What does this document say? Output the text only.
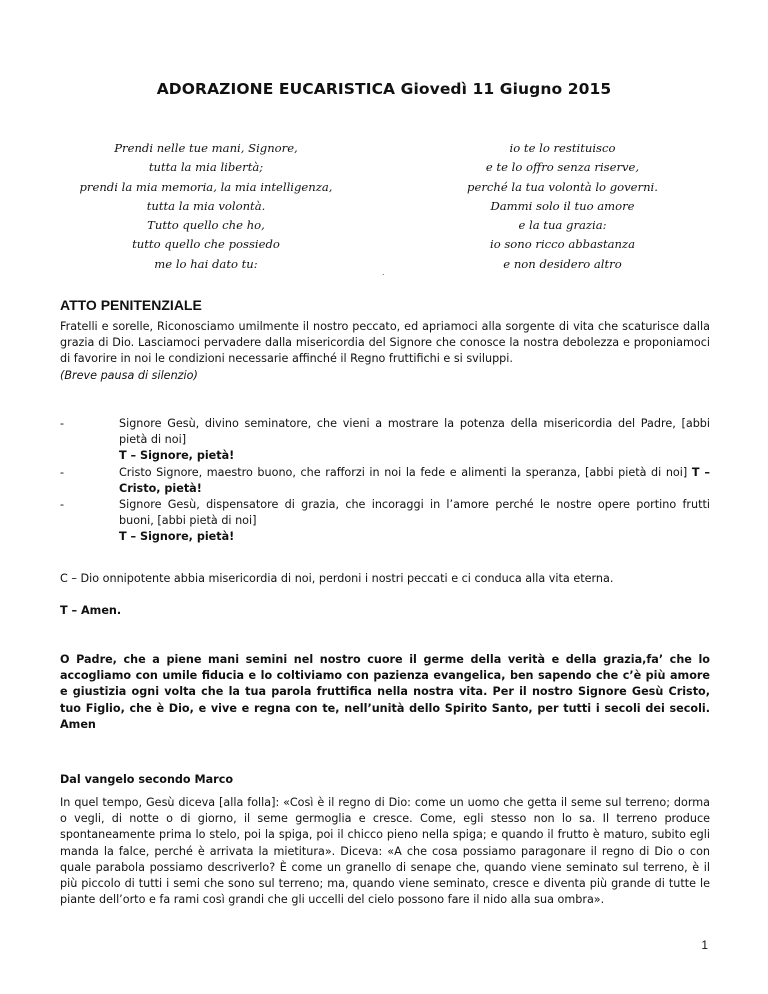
ADORAZIONE EUCARISTICA Giovedì 11 Giugno 2015
Prendi nelle tue mani, Signore,
tutta la mia libertà;
prendi la mia memoria, la mia intelligenza,
tutta la mia volontà.
Tutto quello che ho,
tutto quello che possiedo
me lo hai dato tu:
io te lo restituisco
e te lo offro senza riserve,
perché la tua volontà lo governi.
Dammi solo il tuo amore
e la tua grazia:
io sono ricco abbastanza
e non desidero altro
.
ATTO PENITENZIALE
Fratelli e sorelle, Riconosciamo umilmente il nostro peccato, ed apriamoci alla sorgente di vita che scaturisce dalla grazia di Dio. Lasciamoci pervadere dalla misericordia del Signore che conosce la nostra debolezza e proponiamoci di favorire in noi le condizioni necessarie affinché il Regno fruttifichi e si sviluppi.
(Breve pausa di silenzio)
-	Signore Gesù, divino seminatore, che vieni a mostrare la potenza della misericordia del Padre, [abbi pietà di noi]
T – Signore, pietà!
-	Cristo Signore, maestro buono, che rafforzi in noi la fede e alimenti la speranza, [abbi pietà di noi] T – Cristo, pietà!
-	Signore Gesù, dispensatore di grazia, che incoraggi in l’amore perché le nostre opere portino frutti buoni, [abbi pietà di noi]
T – Signore, pietà!
C – Dio onnipotente abbia misericordia di noi, perdoni i nostri peccati e ci conduca alla vita eterna.
T – Amen.

O Padre, che a piene mani semini nel nostro cuore il germe della verità e della grazia,fa’ che lo accogliamo con umile fiducia e lo coltiviamo con pazienza evangelica, ben sapendo che c’è più amore e giustizia ogni volta che la tua parola fruttifica nella nostra vita. Per il nostro Signore Gesù Cristo, tuo Figlio, che è Dio, e vive e regna con te, nell’unità dello Spirito Santo, per tutti i secoli dei secoli. Amen

Dal vangelo secondo Marco

In quel tempo, Gesù diceva [alla folla]: «Così è il regno di Dio: come un uomo che getta il seme sul terreno; dorma o vegli, di notte o di giorno, il seme germoglia e cresce. Come, egli stesso non lo sa. Il terreno produce spontaneamente prima lo stelo, poi la spiga, poi il chicco pieno nella spiga; e quando il frutto è maturo, subito egli manda la falce, perché è arrivata la mietitura». Diceva: «A che cosa possiamo paragonare il regno di Dio o con quale parabola possiamo descriverlo? È come un granello di senape che, quando viene seminato sul terreno, è il più piccolo di tutti i semi che sono sul terreno; ma, quando viene seminato, cresce e diventa più grande di tutte le piante dell’orto e fa rami così grandi che gli uccelli del cielo possono fare il nido alla sua ombra».

1
